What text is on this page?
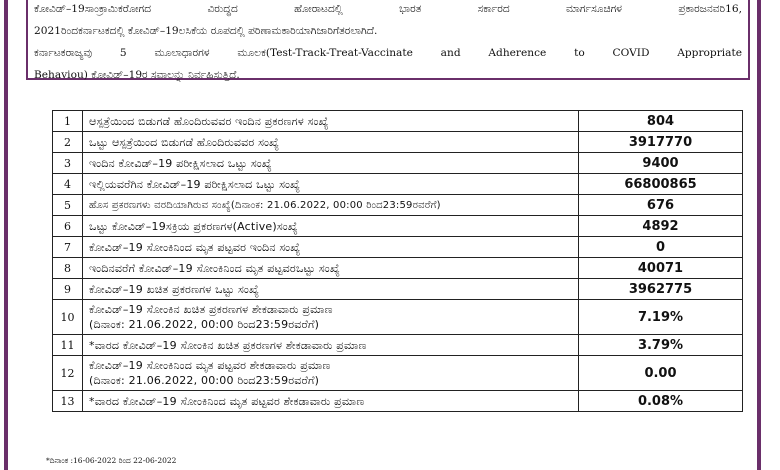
ಕೋವಿಡ್–19ಸಾಂಕ್ರಾಮಿಕರೋಗದ ವಿರುದ್ಧದ ಹೋರಾಟದಲ್ಲಿ ಭಾರತ ಸರ್ಕಾರದ ಮಾರ್ಗಸೂಚಿಗಳ ಪ್ರಕಾರಜನವರಿ16,

2021ರಿಂದಕರ್ನಾಟಕದಲ್ಲಿ ಕೋವಿಡ್–19ಲಸಿಕೆಯ ರೂಪದಲ್ಲಿ ಪರಿಣಾಮಕಾರಿಯಾಗಿಜಾರಿಗೆತರಲಾಗಿದೆ.

ಕರ್ನಾಟಕರಾಜ್ಯವು 5 ಮೂಲಾಧಾರಗಳ ಮೂಲಕ(Test-Track-Treat-Vaccinate and Adherence to COVID Appropriate

Behaviou) ಕೋವಿಡ್–19ರ ಸವಾಲನ್ನು ನಿರ್ವಹಿಸುತ್ತಿದೆ.

1	ಆಸ್ಪತ್ರೆಯಿಂದ ಬಿಡುಗಡೆ ಹೊಂದಿರುವವರ ಇಂದಿನ ಪ್ರಕರಣಗಳ ಸಂಖ್ಯೆ	804
2	ಒಟ್ಟು ಆಸ್ಪತ್ರೆಯಿಂದ ಬಿಡುಗಡೆ ಹೊಂದಿರುವವರ ಸಂಖ್ಯೆ	3917770
3	ಇಂದಿನ ಕೋವಿಡ್–19 ಪರೀಕ್ಷಿಸಲಾದ ಒಟ್ಟು ಸಂಖ್ಯೆ	9400
4	ಇಲ್ಲಿಯವರೆಗಿನ ಕೋವಿಡ್–19 ಪರೀಕ್ಷಿಸಲಾದ ಒಟ್ಟು ಸಂಖ್ಯೆ	66800865
5	ಹೊಸ ಪ್ರಕರಣಗಳು ವರದಿಯಾಗಿರುವ ಸಂಖ್ಯೆ(ದಿನಾಂಕ: 21.06.2022, 00:00 ರಿಂದ23:59ರವರೆಗೆ)	676
6	ಒಟ್ಟು ಕೋವಿಡ್–19ಸಕ್ರಿಯ ಪ್ರಕರಣಗಳ(Active)ಸಂಖ್ಯೆ	4892
7	ಕೋವಿಡ್–19 ಸೋಂಕಿನಿಂದ ಮೃತ ಪಟ್ಟವರ ಇಂದಿನ ಸಂಖ್ಯೆ	0
8	ಇಂದಿನವರೆಗೆ ಕೋವಿಡ್–19 ಸೋಂಕಿನಿಂದ ಮೃತ ಪಟ್ಟವರಒಟ್ಟು ಸಂಖ್ಯೆ	40071
9	ಕೋವಿಡ್–19 ಖಚಿತ ಪ್ರಕರಣಗಳ ಒಟ್ಟು ಸಂಖ್ಯೆ	3962775
10	ಕೋವಿಡ್–19 ಸೋಂಕಿನ ಖಚಿತ ಪ್ರಕರಣಗಳ ಶೇಕಡಾವಾರು ಪ್ರಮಾಣ
(ದಿನಾಂಕ: 21.06.2022, 00:00 ರಿಂದ23:59ರವರೆಗೆ)	7.19%
11	*ವಾರದ ಕೋವಿಡ್–19 ಸೋಂಕಿನ ಖಚಿತ ಪ್ರಕರಣಗಳ ಶೇಕಡಾವಾರು ಪ್ರಮಾಣ	3.79%
12	ಕೋವಿಡ್–19 ಸೋಂಕಿನಿಂದ ಮೃತ ಪಟ್ಟವರ ಶೇಕಡಾವಾರು ಪ್ರಮಾಣ
(ದಿನಾಂಕ: 21.06.2022, 00:00 ರಿಂದ23:59ರವರೆಗೆ)	0.00
13	*ವಾರದ ಕೋವಿಡ್–19 ಸೋಂಕಿನಿಂದ ಮೃತ ಪಟ್ಟವರ ಶೇಕಡಾವಾರು ಪ್ರಮಾಣ	0.08%
*ದಿನಾಂಕ :16-06-2022 ರಿಂದ 22-06-2022
